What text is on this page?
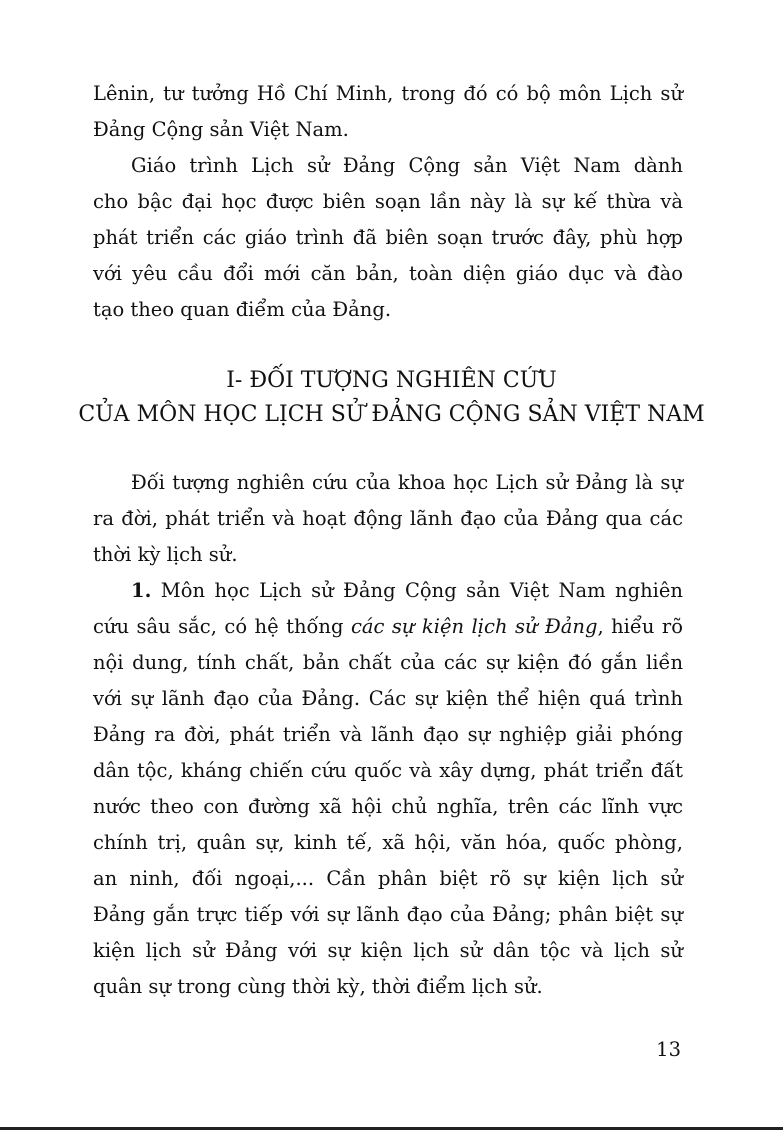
Lênin, tư tưởng Hồ Chí Minh, trong đó có bộ môn Lịch sử
Đảng Cộng sản Việt Nam.
Giáo trình Lịch sử Đảng Cộng sản Việt Nam dành
cho bậc đại học được biên soạn lần này là sự kế thừa và
phát triển các giáo trình đã biên soạn trước đây, phù hợp
với yêu cầu đổi mới căn bản, toàn diện giáo dục và đào
tạo theo quan điểm của Đảng.
I- ĐỐI TƯỢNG NGHIÊN CỨU
CỦA MÔN HỌC LỊCH SỬ ĐẢNG CỘNG SẢN VIỆT NAM
Đối tượng nghiên cứu của khoa học Lịch sử Đảng là sự
ra đời, phát triển và hoạt động lãnh đạo của Đảng qua các
thời kỳ lịch sử.
1. Môn học Lịch sử Đảng Cộng sản Việt Nam nghiên
cứu sâu sắc, có hệ thống các sự kiện lịch sử Đảng, hiểu rõ
nội dung, tính chất, bản chất của các sự kiện đó gắn liền
với sự lãnh đạo của Đảng. Các sự kiện thể hiện quá trình
Đảng ra đời, phát triển và lãnh đạo sự nghiệp giải phóng
dân tộc, kháng chiến cứu quốc và xây dựng, phát triển đất
nước theo con đường xã hội chủ nghĩa, trên các lĩnh vực
chính trị, quân sự, kinh tế, xã hội, văn hóa, quốc phòng,
an ninh, đối ngoại,... Cần phân biệt rõ sự kiện lịch sử
Đảng gắn trực tiếp với sự lãnh đạo của Đảng; phân biệt sự
kiện lịch sử Đảng với sự kiện lịch sử dân tộc và lịch sử
quân sự trong cùng thời kỳ, thời điểm lịch sử.
13
